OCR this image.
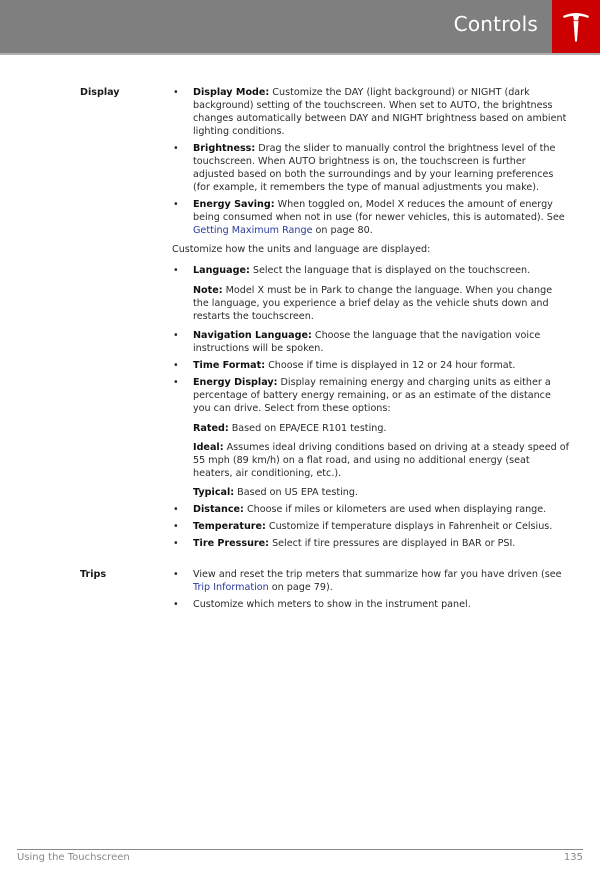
Controls
Display	• Display Mode: Customize the DAY (light background) or NIGHT (dark background) setting of the touchscreen. When set to AUTO, the brightness changes automatically between DAY and NIGHT brightness based on ambient lighting conditions.
• Brightness: Drag the slider to manually control the brightness level of the touchscreen. When AUTO brightness is on, the touchscreen is further adjusted based on both the surroundings and by your learning preferences (for example, it remembers the type of manual adjustments you make).
• Energy Saving: When toggled on, Model X reduces the amount of energy being consumed when not in use (for newer vehicles, this is automated). See Getting Maximum Range on page 80.

Customize how the units and language are displayed:

• Language: Select the language that is displayed on the touchscreen.
Note: Model X must be in Park to change the language. When you change the language, you experience a brief delay as the vehicle shuts down and restarts the touchscreen.
• Navigation Language: Choose the language that the navigation voice instructions will be spoken.
• Time Format: Choose if time is displayed in 12 or 24 hour format.
• Energy Display: Display remaining energy and charging units as either a percentage of battery energy remaining, or as an estimate of the distance you can drive. Select from these options:
Rated: Based on EPA/ECE R101 testing.
Ideal: Assumes ideal driving conditions based on driving at a steady speed of 55 mph (89 km/h) on a flat road, and using no additional energy (seat heaters, air conditioning, etc.).
Typical: Based on US EPA testing.
• Distance: Choose if miles or kilometers are used when displaying range.
• Temperature: Customize if temperature displays in Fahrenheit or Celsius.
• Tire Pressure: Select if tire pressures are displayed in BAR or PSI.
Trips	• View and reset the trip meters that summarize how far you have driven (see Trip Information on page 79).
• Customize which meters to show in the instrument panel.
Using the Touchscreen	135
